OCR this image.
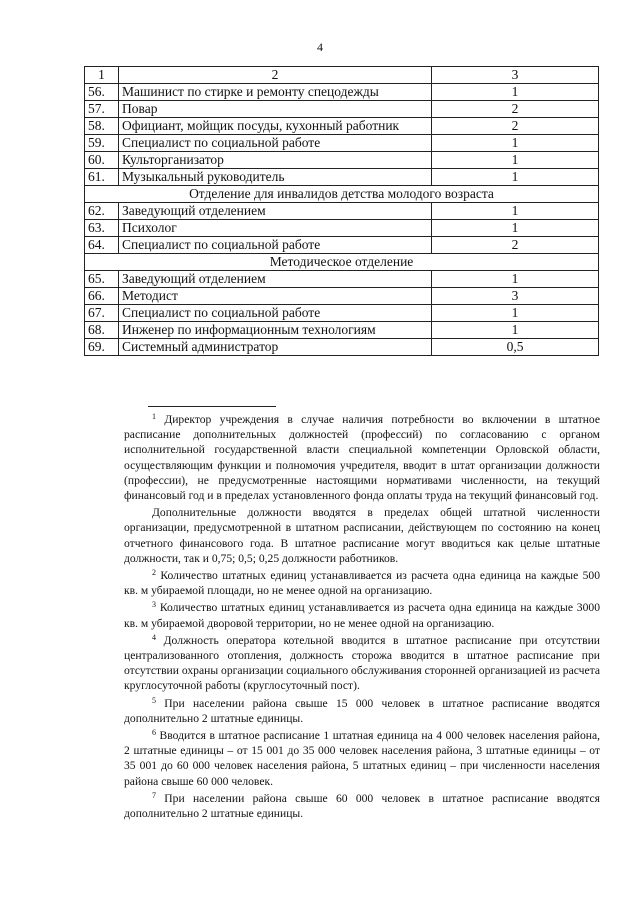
4
1	2	3
56.	Машинист по стирке и ремонту спецодежды	1
57.	Повар	2
58.	Официант, мойщик посуды, кухонный работник	2
59.	Специалист по социальной работе	1
60.	Культорганизатор	1
61.	Музыкальный руководитель	1
Отделение для инвалидов детства молодого возраста		
62.	Заведующий отделением	1
63.	Психолог	1
64.	Специалист по социальной работе	2
Методическое отделение		
65.	Заведующий отделением	1
66.	Методист	3
67.	Специалист по социальной работе	1
68.	Инженер по информационным технологиям	1
69.	Системный администратор	0,5

$^1$ Директор учреждения в случае наличия потребности во включении в штатное расписание дополнительных должностей (профессий) по согласованию с органом исполнительной государственной власти специальной компетенции Орловской области, осуществляющим функции и полномочия учредителя, вводит в штат организации должности (профессии), не предусмотренные настоящими нормативами численности, на текущий финансовый год и в пределах установленного фонда оплаты труда на текущий финансовый год.

Дополнительные должности вводятся в пределах общей штатной численности организации, предусмотренной в штатном расписании, действующем по состоянию на конец отчетного финансового года. В штатное расписание могут вводиться как целые штатные должности, так и 0,75; 0,5; 0,25 должности работников.

$^2$ Количество штатных единиц устанавливается из расчета одна единица на каждые 500 кв. м убираемой площади, но не менее одной на организацию.

$^3$ Количество штатных единиц устанавливается из расчета одна единица на каждые 3000 кв. м убираемой дворовой территории, но не менее одной на организацию.

$^4$ Должность оператора котельной вводится в штатное расписание при отсутствии централизованного отопления, должность сторожа вводится в штатное расписание при отсутствии охраны организации социального обслуживания сторонней организацией из расчета круглосуточной работы (круглосуточный пост).

$^5$ При населении района свыше 15 000 человек в штатное расписание вводятся дополнительно 2 штатные единицы.

$^6$ Вводится в штатное расписание 1 штатная единица на 4 000 человек населения района, 2 штатные единицы – от 15 001 до 35 000 человек населения района, 3 штатные единицы – от 35 001 до 60 000 человек населения района, 5 штатных единиц – при численности населения района свыше 60 000 человек.

$^7$ При населении района свыше 60 000 человек в штатное расписание вводятся дополнительно 2 штатные единицы.
